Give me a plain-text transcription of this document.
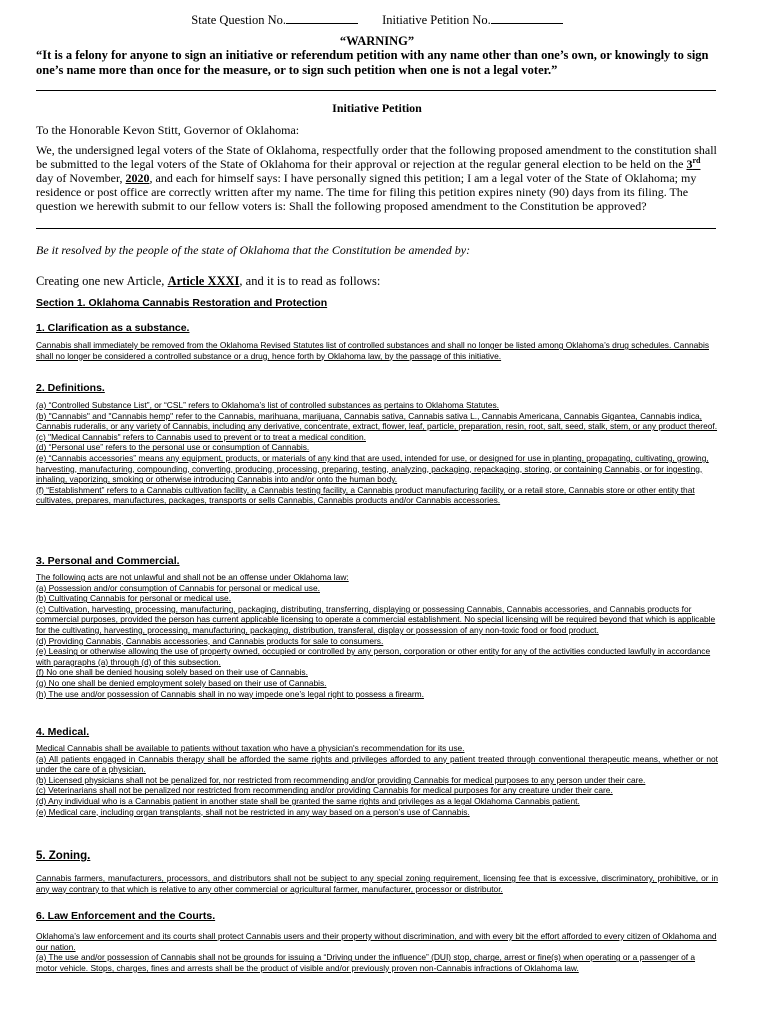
State Question No.	Initiative Petition No.
“WARNING”
“It is a felony for anyone to sign an initiative or referendum petition with any name other than one’s own, or knowingly to sign one’s name more than once for the measure, or to sign such petition when one is not a legal voter.”
Initiative Petition
To the Honorable Kevon Stitt, Governor of Oklahoma:
We, the undersigned legal voters of the State of Oklahoma, respectfully order that the following proposed amendment to the constitution shall be submitted to the legal voters of the State of Oklahoma for their approval or rejection at the regular general election to be held on the 3rd day of November, 2020, and each for himself says: I have personally signed this petition; I am a legal voter of the State of Oklahoma; my residence or post office are correctly written after my name. The time for filing this petition expires ninety (90) days from its filing. The question we herewith submit to our fellow voters is: Shall the following proposed amendment to the Constitution be approved?
Be it resolved by the people of the state of Oklahoma that the Constitution be amended by:
Creating one new Article, Article XXXI, and it is to read as follows:
Section 1. Oklahoma Cannabis Restoration and Protection
1. Clarification as a substance.
Cannabis shall immediately be removed from the Oklahoma Revised Statutes list of controlled substances and shall no longer be listed among Oklahoma’s drug schedules. Cannabis shall no longer be considered a controlled substance or a drug, hence forth by Oklahoma law, by the passage of this initiative.
2. Definitions.
(a) “Controlled Substance List”, or “CSL” refers to Oklahoma’s list of controlled substances as pertains to Oklahoma Statutes.
(b) "Cannabis" and "Cannabis hemp" refer to the Cannabis, marihuana, marijuana, Cannabis sativa, Cannabis sativa L., Cannabis Americana, Cannabis Gigantea, Cannabis indica, Cannabis ruderalis, or any variety of Cannabis, including any derivative, concentrate, extract, flower, leaf, particle, preparation, resin, root, salt, seed, stalk, stem, or any product thereof.
(c) "Medical Cannabis" refers to Cannabis used to prevent or to treat a medical condition.
(d) “Personal use” refers to the personal use or consumption of Cannabis.
(e) “Cannabis accessories” means any equipment, products, or materials of any kind that are used, intended for use, or designed for use in planting, propagating, cultivating, growing, harvesting, manufacturing, compounding, converting, producing, processing, preparing, testing, analyzing, packaging, repackaging, storing, or containing Cannabis, or for ingesting, inhaling, vaporizing, smoking or otherwise introducing Cannabis into and/or onto the human body.
(f) “Establishment” refers to a Cannabis cultivation facility, a Cannabis testing facility, a Cannabis product manufacturing facility, or a retail store, Cannabis store or other entity that cultivates, prepares, manufactures, packages, transports or sells Cannabis, Cannabis products and/or Cannabis accessories.
3. Personal and Commercial.
The following acts are not unlawful and shall not be an offense under Oklahoma law:
(a) Possession and/or consumption of Cannabis for personal or medical use.
(b) Cultivating Cannabis for personal or medical use.
(c) Cultivation, harvesting, processing, manufacturing, packaging, distributing, transferring, displaying or possessing Cannabis, Cannabis accessories, and Cannabis products for commercial purposes, provided the person has current applicable licensing to operate a commercial establishment. No special licensing will be required beyond that which is applicable for the cultivating, harvesting, processing, manufacturing, packaging, distribution, transferal, display or possession of any non-toxic food or food product.
(d) Providing Cannabis, Cannabis accessories, and Cannabis products for sale to consumers.
(e) Leasing or otherwise allowing the use of property owned, occupied or controlled by any person, corporation or other entity for any of the activities conducted lawfully in accordance with paragraphs (a) through (d) of this subsection.
(f) No one shall be denied housing solely based on their use of Cannabis.
(g) No one shall be denied employment solely based on their use of Cannabis.
(h) The use and/or possession of Cannabis shall in no way impede one’s legal right to possess a firearm.
4. Medical.
Medical Cannabis shall be available to patients without taxation who have a physician's recommendation for its use.
(a) All patients engaged in Cannabis therapy shall be afforded the same rights and privileges afforded to any patient treated through conventional therapeutic means, whether or not under the care of a physician.
(b) Licensed physicians shall not be penalized for, nor restricted from recommending and/or providing Cannabis for medical purposes to any person under their care.
(c) Veterinarians shall not be penalized nor restricted from recommending and/or providing Cannabis for medical purposes for any creature under their care.
(d) Any individual who is a Cannabis patient in another state shall be granted the same rights and privileges as a legal Oklahoma Cannabis patient.
(e) Medical care, including organ transplants, shall not be restricted in any way based on a person’s use of Cannabis.
5. Zoning.
Cannabis farmers, manufacturers, processors, and distributors shall not be subject to any special zoning requirement, licensing fee that is excessive, discriminatory, prohibitive, or in any way contrary to that which is relative to any other commercial or agricultural farmer, manufacturer, processor or distributor.
6. Law Enforcement and the Courts.
Oklahoma’s law enforcement and its courts shall protect Cannabis users and their property without discrimination, and with every bit the effort afforded to every citizen of Oklahoma and our nation.
(a) The use and/or possession of Cannabis shall not be grounds for issuing a “Driving under the influence” (DUI) stop, charge, arrest or fine(s) when operating or a passenger of a motor vehicle. Stops, charges, fines and arrests shall be the product of visible and/or previously proven non-Cannabis infractions of Oklahoma law.
